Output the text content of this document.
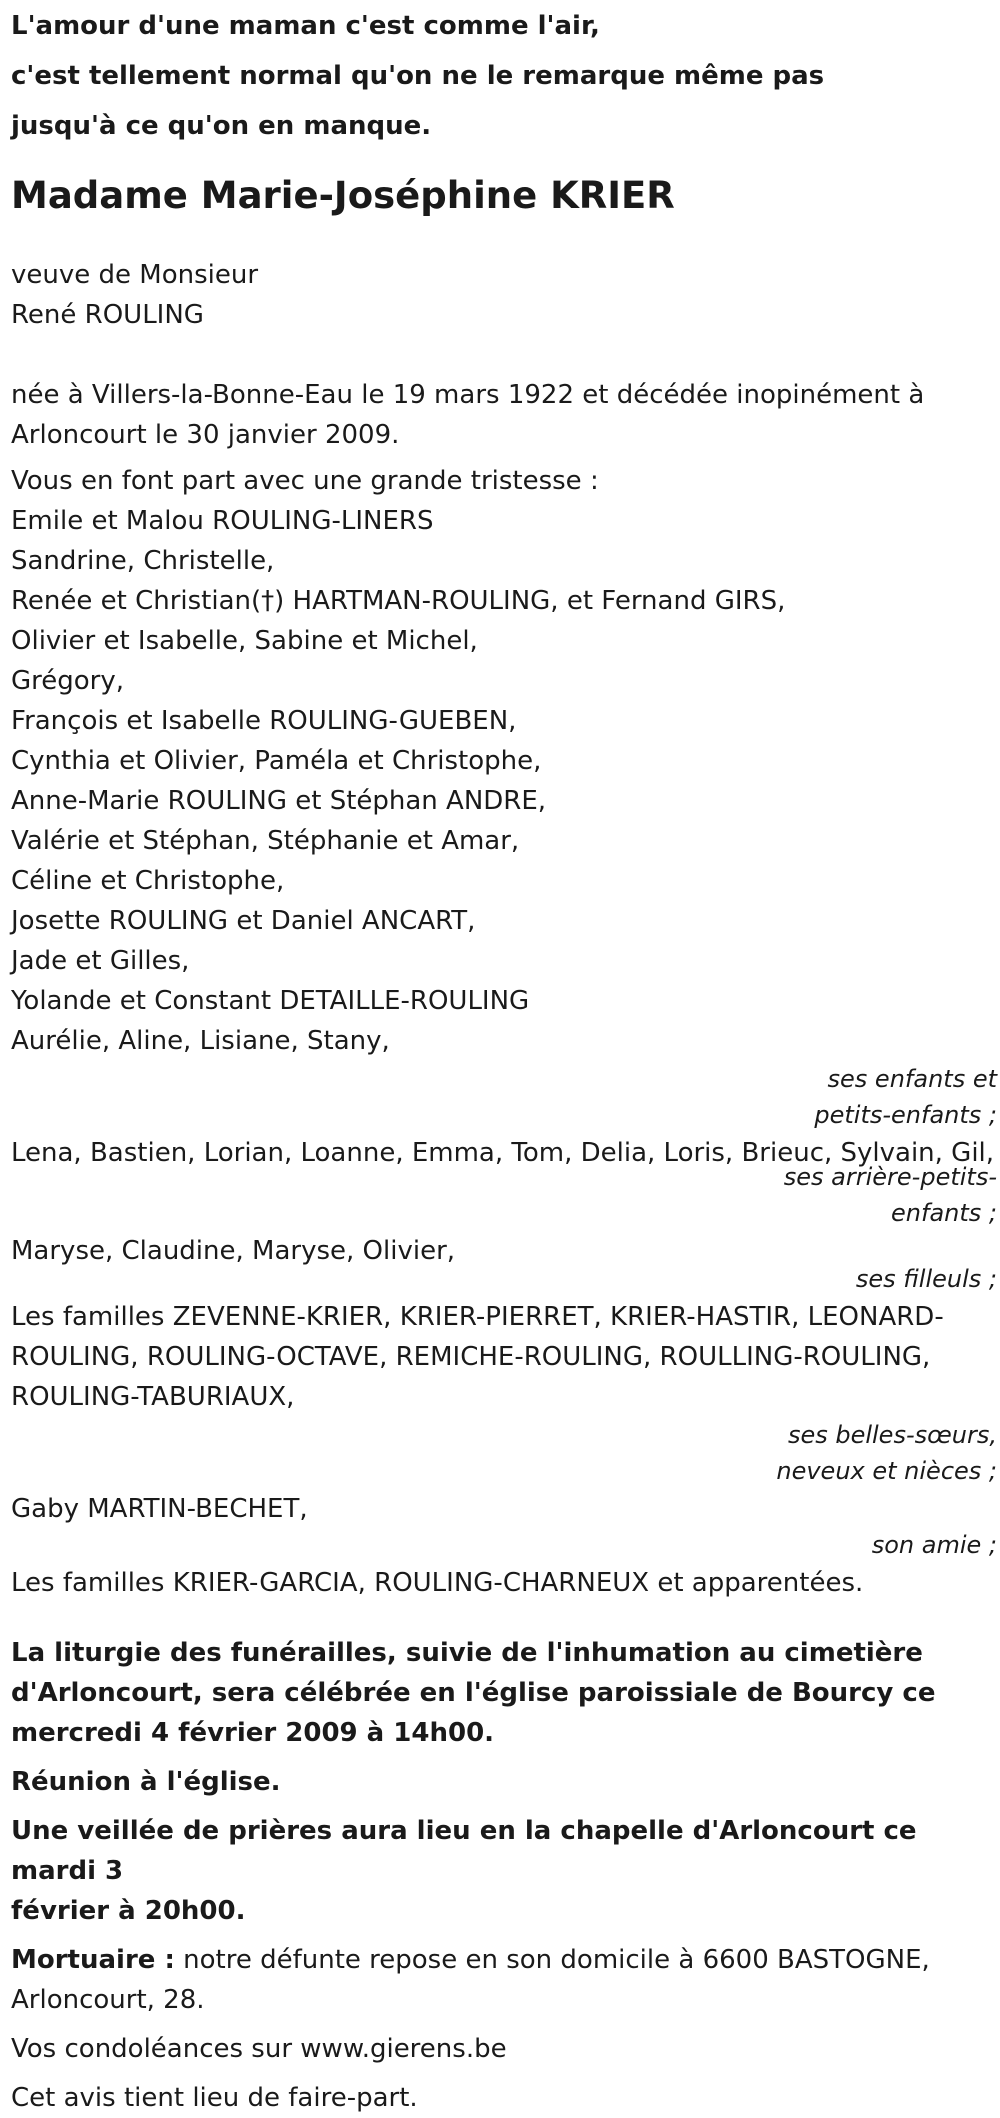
L'amour d'une maman c'est comme l'air,
c'est tellement normal qu'on ne le remarque même pas
jusqu'à ce qu'on en manque.
Madame Marie-Joséphine KRIER
veuve de Monsieur
René ROULING
née à Villers-la-Bonne-Eau le 19 mars 1922 et décédée inopinément à
Arloncourt le 30 janvier 2009.
Vous en font part avec une grande tristesse :
Emile et Malou ROULING-LINERS
Sandrine, Christelle,
Renée et Christian(†) HARTMAN-ROULING, et Fernand GIRS,
Olivier et Isabelle, Sabine et Michel,
Grégory,
François et Isabelle ROULING-GUEBEN,
Cynthia et Olivier, Paméla et Christophe,
Anne-Marie ROULING et Stéphan ANDRE,
Valérie et Stéphan, Stéphanie et Amar,
Céline et Christophe,
Josette ROULING et Daniel ANCART,
Jade et Gilles,
Yolande et Constant DETAILLE-ROULING
Aurélie, Aline, Lisiane, Stany,
ses enfants et petits-enfants ;
Lena, Bastien, Lorian, Loanne, Emma, Tom, Delia, Loris, Brieuc, Sylvain, Gil,
ses arrière-petits-enfants ;
Maryse, Claudine, Maryse, Olivier,
ses filleuls ;
Les familles ZEVENNE-KRIER, KRIER-PIERRET, KRIER-HASTIR, LEONARD-
ROULING, ROULING-OCTAVE, REMICHE-ROULING, ROULLING-ROULING,
ROULING-TABURIAUX,
ses belles-sœurs, neveux et nièces ;
Gaby MARTIN-BECHET,
son amie ;
Les familles KRIER-GARCIA, ROULING-CHARNEUX et apparentées.
La liturgie des funérailles, suivie de l'inhumation au cimetière
d'Arloncourt, sera célébrée en l'église paroissiale de Bourcy ce
mercredi 4 février 2009 à 14h00.
Réunion à l'église.
Une veillée de prières aura lieu en la chapelle d'Arloncourt ce mardi 3
février à 20h00.
Mortuaire : notre défunte repose en son domicile à 6600 BASTOGNE,
Arloncourt, 28.
Vos condoléances sur www.gierens.be
Cet avis tient lieu de faire-part.
